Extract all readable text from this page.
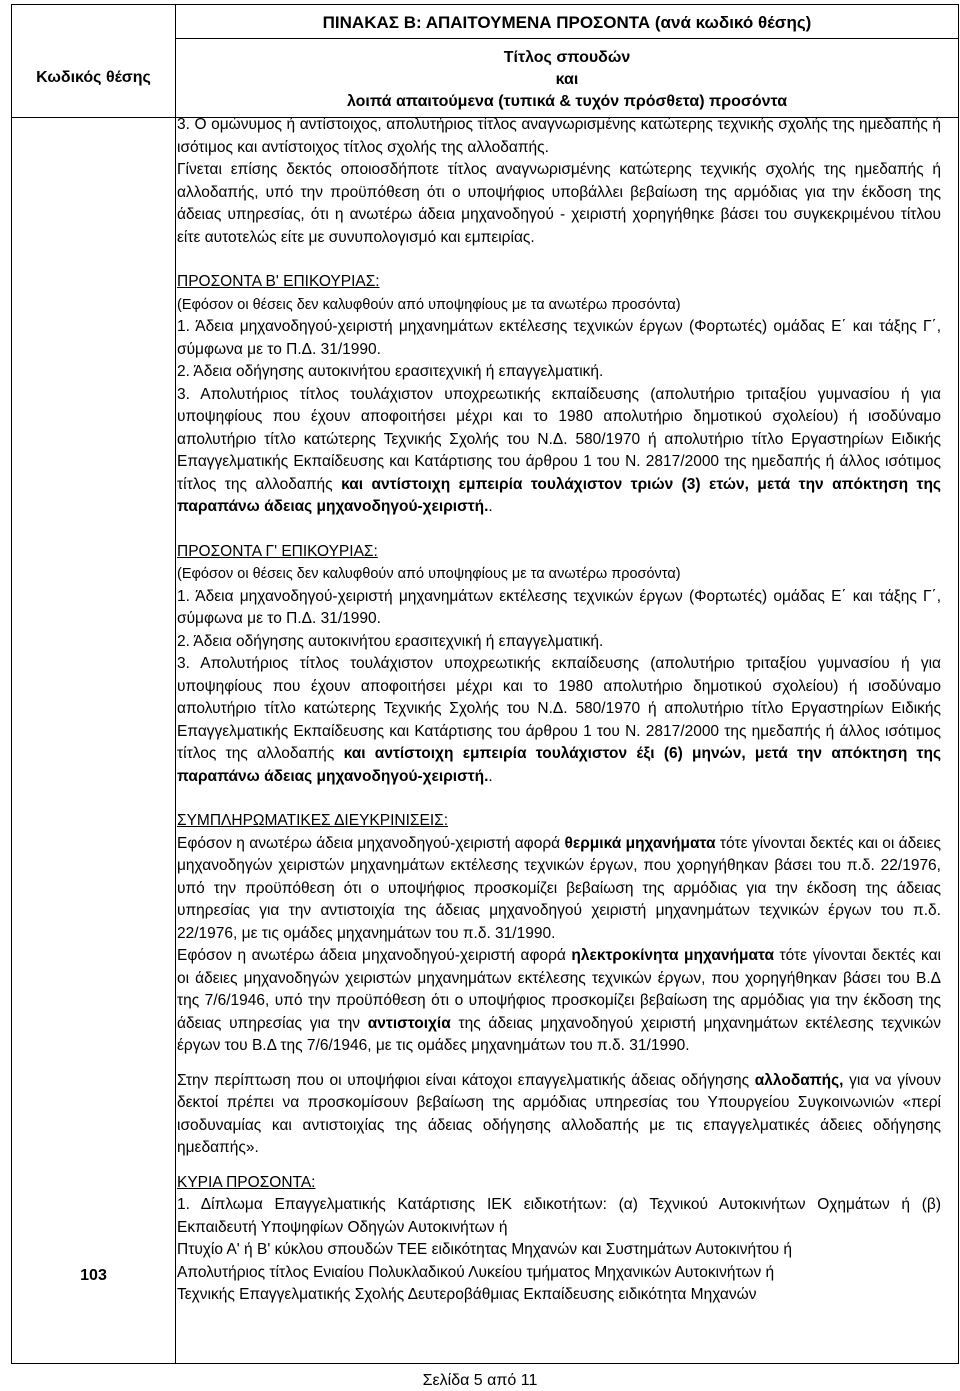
ΠΙΝΑΚΑΣ Β: ΑΠΑΙΤΟΥΜΕΝΑ ΠΡΟΣΟΝΤΑ (ανά κωδικό θέσης)
Κωδικός θέσης
Τίτλος σπουδών
και
λοιπά απαιτούμενα (τυπικά & τυχόν πρόσθετα) προσόντα
103

3. Ο ομώνυμος ή αντίστοιχος, απολυτήριος τίτλος αναγνωρισμένης κατώτερης τεχνικής σχολής της ημεδαπής ή ισότιμος και αντίστοιχος τίτλος σχολής της αλλοδαπής.

Γίνεται επίσης δεκτός οποιοσδήποτε τίτλος αναγνωρισμένης κατώτερης τεχνικής σχολής της ημεδαπής ή αλλοδαπής, υπό την προϋπόθεση ότι ο υποψήφιος υποβάλλει βεβαίωση της αρμόδιας για την έκδοση της άδειας υπηρεσίας, ότι η ανωτέρω άδεια μηχανοδηγού - χειριστή χορηγήθηκε βάσει του συγκεκριμένου τίτλου είτε αυτοτελώς είτε με συνυπολογισμό και εμπειρίας.

ΠΡΟΣΟΝΤΑ Β' ΕΠΙΚΟΥΡΙΑΣ:

(Εφόσον οι θέσεις δεν καλυφθούν από υποψηφίους με τα ανωτέρω προσόντα)

1. Άδεια μηχανοδηγού-χειριστή μηχανημάτων εκτέλεσης τεχνικών έργων (Φορτωτές) ομάδας Ε΄ και τάξης Γ΄, σύμφωνα με το Π.Δ. 31/1990.

2. Άδεια οδήγησης αυτοκινήτου ερασιτεχνική ή επαγγελματική.

3. Απολυτήριος τίτλος τουλάχιστον υποχρεωτικής εκπαίδευσης (απολυτήριο τριταξίου γυμνασίου ή για υποψηφίους που έχουν αποφοιτήσει μέχρι και το 1980 απολυτήριο δημοτικού σχολείου) ή ισοδύναμο απολυτήριο τίτλο κατώτερης Τεχνικής Σχολής του Ν.Δ. 580/1970 ή απολυτήριο τίτλο Εργαστηρίων Ειδικής Επαγγελματικής Εκπαίδευσης και Κατάρτισης του άρθρου 1 του Ν. 2817/2000 της ημεδαπής ή άλλος ισότιμος τίτλος της αλλοδαπής και αντίστοιχη εμπειρία τουλάχιστον τριών (3) ετών, μετά την απόκτηση της παραπάνω άδειας μηχανοδηγού-χειριστή..

ΠΡΟΣΟΝΤΑ Γ' ΕΠΙΚΟΥΡΙΑΣ:

(Εφόσον οι θέσεις δεν καλυφθούν από υποψηφίους με τα ανωτέρω προσόντα)

1. Άδεια μηχανοδηγού-χειριστή μηχανημάτων εκτέλεσης τεχνικών έργων (Φορτωτές) ομάδας Ε΄ και τάξης Γ΄, σύμφωνα με το Π.Δ. 31/1990.

2. Άδεια οδήγησης αυτοκινήτου ερασιτεχνική ή επαγγελματική.

3. Απολυτήριος τίτλος τουλάχιστον υποχρεωτικής εκπαίδευσης (απολυτήριο τριταξίου γυμνασίου ή για υποψηφίους που έχουν αποφοιτήσει μέχρι και το 1980 απολυτήριο δημοτικού σχολείου) ή ισοδύναμο απολυτήριο τίτλο κατώτερης Τεχνικής Σχολής του Ν.Δ. 580/1970 ή απολυτήριο τίτλο Εργαστηρίων Ειδικής Επαγγελματικής Εκπαίδευσης και Κατάρτισης του άρθρου 1 του Ν. 2817/2000 της ημεδαπής ή άλλος ισότιμος τίτλος της αλλοδαπής και αντίστοιχη εμπειρία τουλάχιστον έξι (6) μηνών, μετά την απόκτηση της παραπάνω άδειας μηχανοδηγού-χειριστή..

ΣΥΜΠΛΗΡΩΜΑΤΙΚΕΣ ΔΙΕΥΚΡΙΝΙΣΕΙΣ:

Εφόσον η ανωτέρω άδεια μηχανοδηγού-χειριστή αφορά θερμικά μηχανήματα τότε γίνονται δεκτές και οι άδειες μηχανοδηγών χειριστών μηχανημάτων εκτέλεσης τεχνικών έργων, που χορηγήθηκαν βάσει του π.δ. 22/1976, υπό την προϋπόθεση ότι ο υποψήφιος προσκομίζει βεβαίωση της αρμόδιας για την έκδοση της άδειας υπηρεσίας για την αντιστοιχία της άδειας μηχανοδηγού χειριστή μηχανημάτων τεχνικών έργων του π.δ. 22/1976, με τις ομάδες μηχανημάτων του π.δ. 31/1990.

Εφόσον η ανωτέρω άδεια μηχανοδηγού-χειριστή αφορά ηλεκτροκίνητα μηχανήματα τότε γίνονται δεκτές και οι άδειες μηχανοδηγών χειριστών μηχανημάτων εκτέλεσης τεχνικών έργων, που χορηγήθηκαν βάσει του Β.Δ της 7/6/1946, υπό την προϋπόθεση ότι ο υποψήφιος προσκομίζει βεβαίωση της αρμόδιας για την έκδοση της άδειας υπηρεσίας για την αντιστοιχία της άδειας μηχανοδηγού χειριστή μηχανημάτων εκτέλεσης τεχνικών έργων του Β.Δ της 7/6/1946, με τις ομάδες μηχανημάτων του π.δ. 31/1990.

Στην περίπτωση που οι υποψήφιοι είναι κάτοχοι επαγγελματικής άδειας οδήγησης αλλοδαπής, για να γίνουν δεκτοί πρέπει να προσκομίσουν βεβαίωση της αρμόδιας υπηρεσίας του Υπουργείου Συγκοινωνιών «περί ισοδυναμίας και αντιστοιχίας της άδειας οδήγησης αλλοδαπής με τις επαγγελματικές άδειες οδήγησης ημεδαπής».

ΚΥΡΙΑ ΠΡΟΣΟΝΤΑ:

1. Δίπλωμα Επαγγελματικής Κατάρτισης ΙΕΚ ειδικοτήτων: (α) Τεχνικού Αυτοκινήτων Οχημάτων ή (β) Εκπαιδευτή Υποψηφίων Οδηγών Αυτοκινήτων ή

Πτυχίο Α' ή Β' κύκλου σπουδών ΤΕΕ ειδικότητας Μηχανών και Συστημάτων Αυτοκινήτου ή

Απολυτήριος τίτλος Ενιαίου Πολυκλαδικού Λυκείου τμήματος Μηχανικών Αυτοκινήτων ή

Τεχνικής Επαγγελματικής Σχολής Δευτεροβάθμιας Εκπαίδευσης ειδικότητα Μηχανών

Σελίδα 5 από 11
